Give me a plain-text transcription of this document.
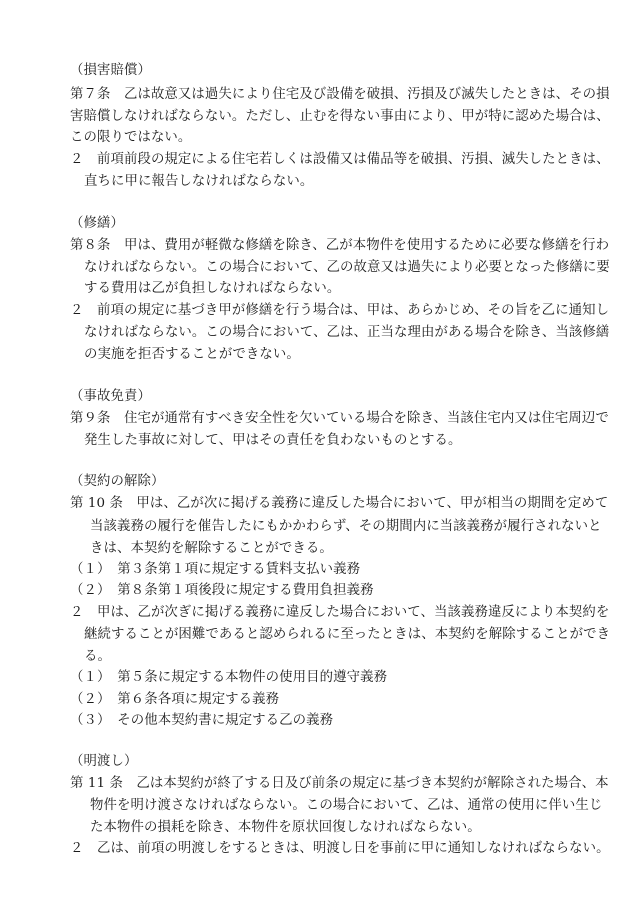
（損害賠償）
第７条　乙は故意又は過失により住宅及び設備を破損、汚損及び滅失したときは、その損
害賠償しなければならない。ただし、止むを得ない事由により、甲が特に認めた場合は、
この限りではない。
２　前項前段の規定による住宅若しくは設備又は備品等を破損、汚損、滅失したときは、
直ちに甲に報告しなければならない。
（修繕）
第８条　甲は、費用が軽微な修繕を除き、乙が本物件を使用するために必要な修繕を行わ
なければならない。この場合において、乙の故意又は過失により必要となった修繕に要
する費用は乙が負担しなければならない。
２　前項の規定に基づき甲が修繕を行う場合は、甲は、あらかじめ、その旨を乙に通知し
なければならない。この場合において、乙は、正当な理由がある場合を除き、当該修繕
の実施を拒否することができない。
（事故免責）
第９条　住宅が通常有すべき安全性を欠いている場合を除き、当該住宅内又は住宅周辺で
発生した事故に対して、甲はその責任を負わないものとする。
（契約の解除）
第 10 条　甲は、乙が次に掲げる義務に違反した場合において、甲が相当の期間を定めて
当該義務の履行を催告したにもかかわらず、その期間内に当該義務が履行されないと
きは、本契約を解除することができる。
（１）　第３条第１項に規定する賃料支払い義務
（２）　第８条第１項後段に規定する費用負担義務
２　甲は、乙が次ぎに掲げる義務に違反した場合において、当該義務違反により本契約を
継続することが困難であると認められるに至ったときは、本契約を解除することができ
る。
（１）　第５条に規定する本物件の使用目的遵守義務
（２）　第６条各項に規定する義務
（３）　その他本契約書に規定する乙の義務
（明渡し）
第 11 条　乙は本契約が終了する日及び前条の規定に基づき本契約が解除された場合、本
物件を明け渡さなければならない。この場合において、乙は、通常の使用に伴い生じ
た本物件の損耗を除き、本物件を原状回復しなければならない。
２　乙は、前項の明渡しをするときは、明渡し日を事前に甲に通知しなければならない。
